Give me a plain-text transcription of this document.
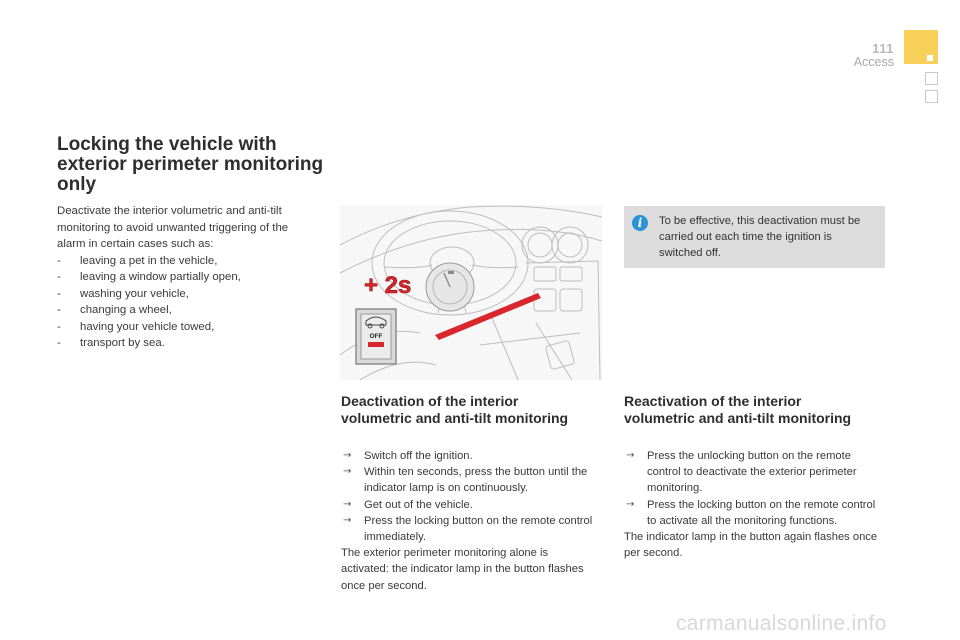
111
Access
Locking the vehicle with exterior perimeter monitoring only
Deactivate the interior volumetric and anti-tilt monitoring to avoid unwanted triggering of the alarm in certain cases such as:
- leaving a pet in the vehicle,
- leaving a window partially open,
- washing your vehicle,
- changing a wheel,
- having your vehicle towed,
- transport by sea.
+ 2s
OFF
i	To be effective, this deactivation must be carried out each time the ignition is switched off.
Deactivation of the interior volumetric and anti-tilt monitoring
→ Switch off the ignition.
→ Within ten seconds, press the button until the indicator lamp is on continuously.
→ Get out of the vehicle.
→ Press the locking button on the remote control immediately.

The exterior perimeter monitoring alone is activated: the indicator lamp in the button flashes once per second.

Reactivation of the interior volumetric and anti-tilt monitoring
→ Press the unlocking button on the remote control to deactivate the exterior perimeter monitoring.
→ Press the locking button on the remote control to activate all the monitoring functions.

The indicator lamp in the button again flashes once per second.

carmanualsonline.info
